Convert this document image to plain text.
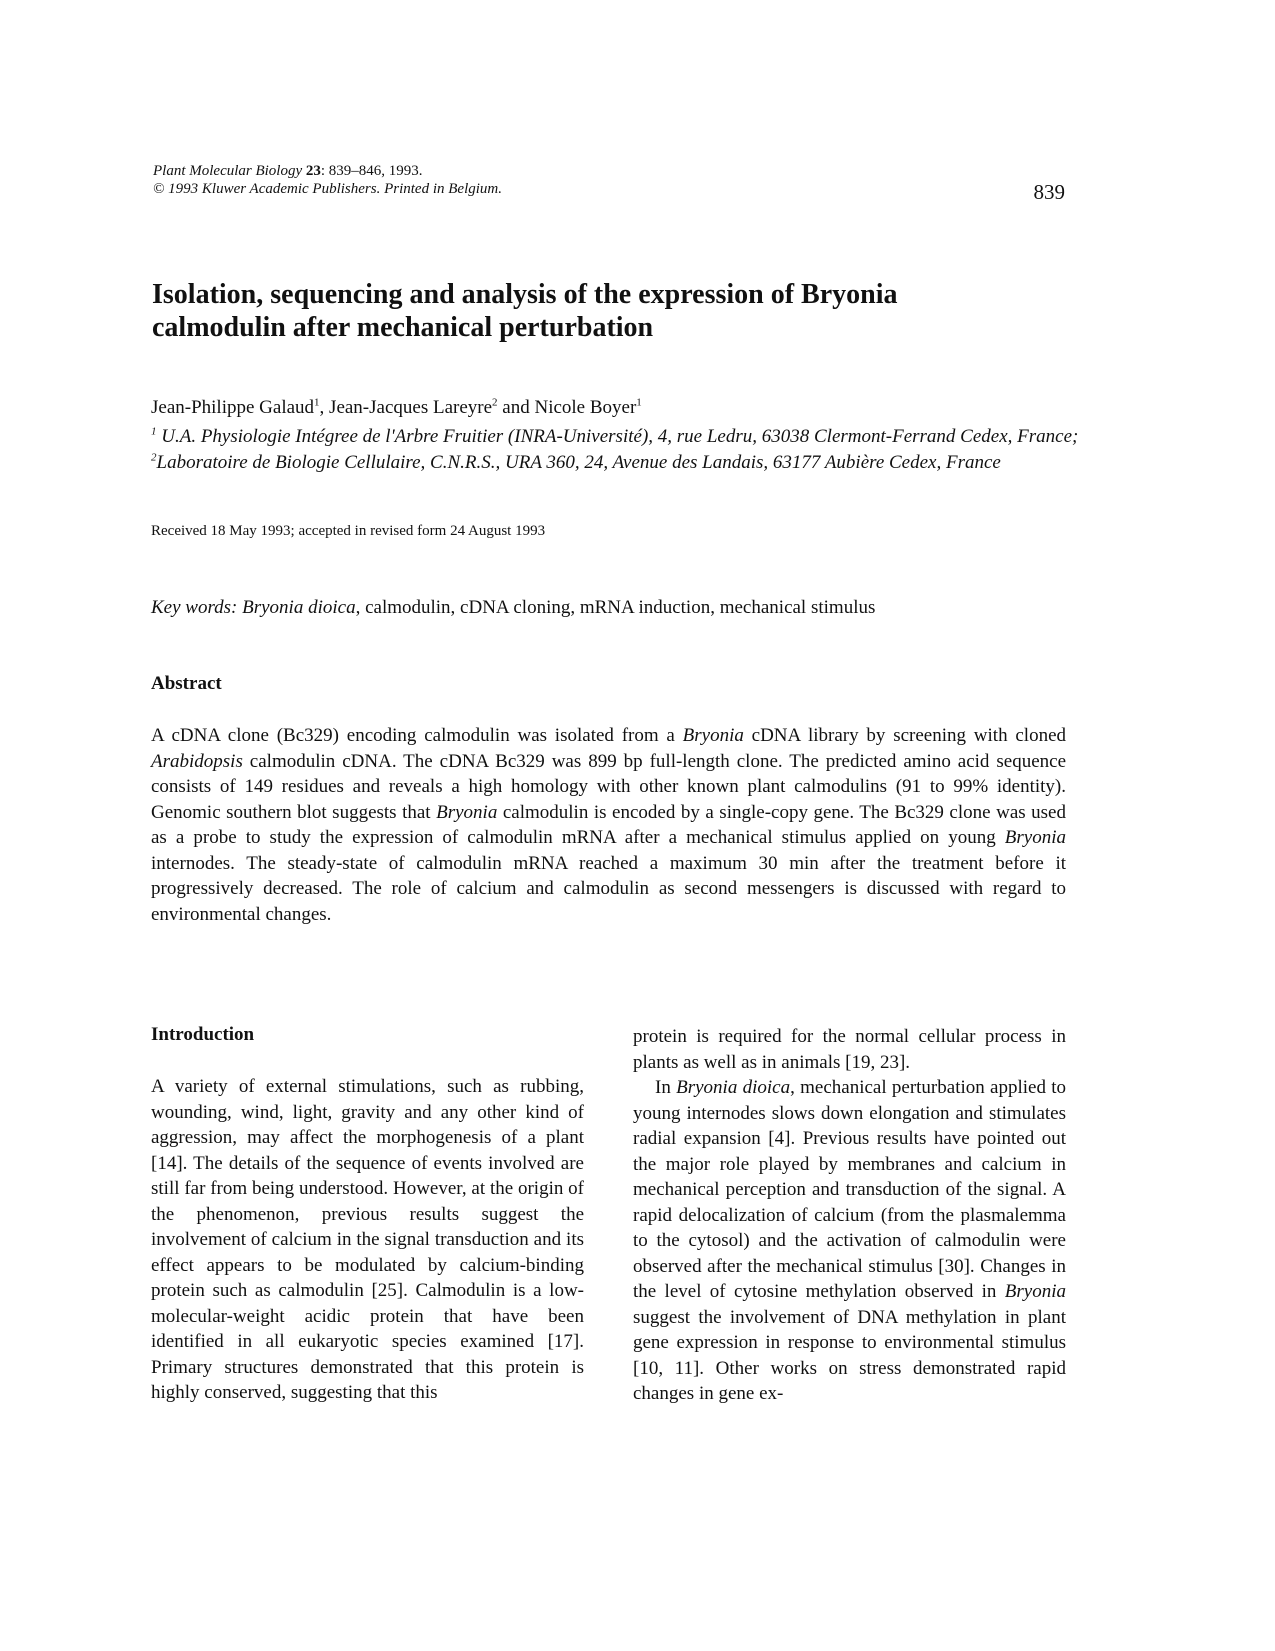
Plant Molecular Biology 23: 839–846, 1993.
© 1993 Kluwer Academic Publishers. Printed in Belgium.	839
Isolation, sequencing and analysis of the expression of Bryonia
calmodulin after mechanical perturbation
Jean-Philippe Galaud$^1$, Jean-Jacques Lareyre$^2$ and Nicole Boyer$^1$
$^1$ U.A. Physiologie Intégree de l'Arbre Fruitier (INRA-Université), 4, rue Ledru, 63038 Clermont-Ferrand Cedex, France; $^2$Laboratoire de Biologie Cellulaire, C.N.R.S., URA 360, 24, Avenue des Landais, 63177 Aubière Cedex, France
Received 18 May 1993; accepted in revised form 24 August 1993
Key words: Bryonia dioica, calmodulin, cDNA cloning, mRNA induction, mechanical stimulus
Abstract
A cDNA clone (Bc329) encoding calmodulin was isolated from a Bryonia cDNA library by screening with cloned Arabidopsis calmodulin cDNA. The cDNA Bc329 was 899 bp full-length clone. The predicted amino acid sequence consists of 149 residues and reveals a high homology with other known plant calmodulins (91 to 99% identity). Genomic southern blot suggests that Bryonia calmodulin is encoded by a single-copy gene. The Bc329 clone was used as a probe to study the expression of calmodulin mRNA after a mechanical stimulus applied on young Bryonia internodes. The steady-state of calmodulin mRNA reached a maximum 30 min after the treatment before it progressively decreased. The role of calcium and calmodulin as second messengers is discussed with regard to environmental changes.
Introduction

A variety of external stimulations, such as rubbing, wounding, wind, light, gravity and any other kind of aggression, may affect the morphogenesis of a plant [14]. The details of the sequence of events involved are still far from being understood. However, at the origin of the phenomenon, previous results suggest the involvement of calcium in the signal transduction and its effect appears to be modulated by calcium-binding protein such as calmodulin [25]. Calmodulin is a low-molecular-weight acidic protein that have been identified in all eukaryotic species examined [17]. Primary structures demonstrated that this protein is highly conserved, suggesting that this

protein is required for the normal cellular process in plants as well as in animals [19, 23].

In Bryonia dioica, mechanical perturbation applied to young internodes slows down elongation and stimulates radial expansion [4]. Previous results have pointed out the major role played by membranes and calcium in mechanical perception and transduction of the signal. A rapid delocalization of calcium (from the plasmalemma to the cytosol) and the activation of calmodulin were observed after the mechanical stimulus [30]. Changes in the level of cytosine methylation observed in Bryonia suggest the involvement of DNA methylation in plant gene expression in response to environmental stimulus [10, 11]. Other works on stress demonstrated rapid changes in gene ex-
